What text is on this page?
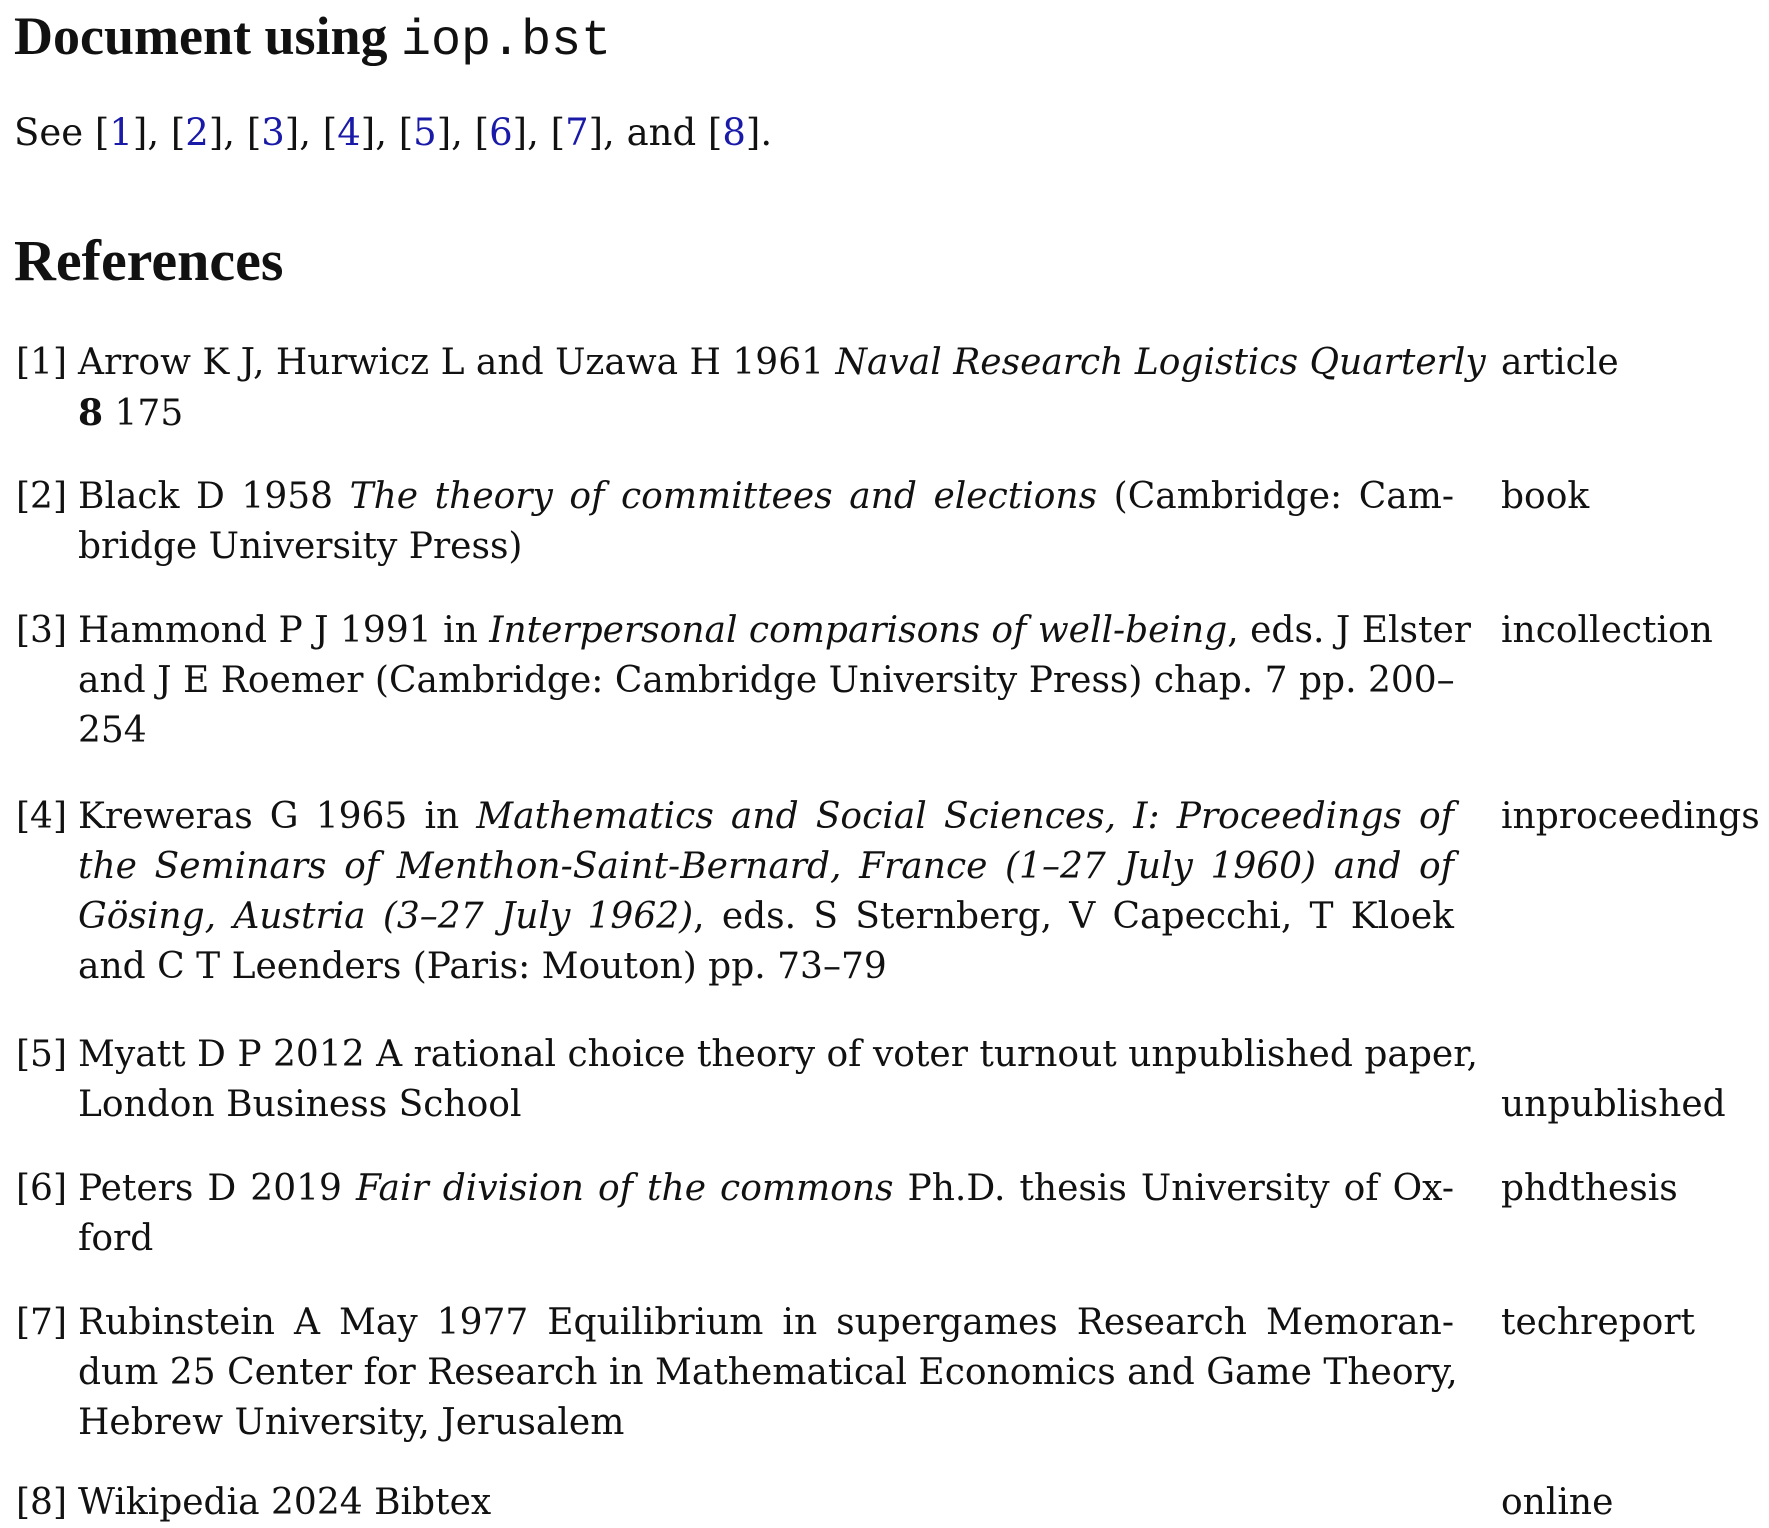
Document using iop.bst

See [1], [2], [3], [4], [5], [6], [7], and [8].

References
[1] Arrow K J, Hurwicz L and Uzawa H 1961 Naval Research Logistics Quarterly
8 175
article
[2] Black D 1958 The theory of committees and elections (Cambridge: Cam-
bridge University Press)
book
[3] Hammond P J 1991 in Interpersonal comparisons of well-being, eds. J Elster
and J E Roemer (Cambridge: Cambridge University Press) chap. 7 pp. 200–
254
incollection
[4] Kreweras G 1965 in Mathematics and Social Sciences, I: Proceedings of
the Seminars of Menthon-Saint-Bernard, France (1–27 July 1960) and of
Gösing, Austria (3–27 July 1962), eds. S Sternberg, V Capecchi, T Kloek
and C T Leenders (Paris: Mouton) pp. 73–79
inproceedings
[5] Myatt D P 2012 A rational choice theory of voter turnout unpublished paper,
London Business School	unpublished
[6] Peters D 2019 Fair division of the commons Ph.D. thesis University of Ox-
ford
phdthesis
[7] Rubinstein A May 1977 Equilibrium in supergames Research Memoran-
dum 25 Center for Research in Mathematical Economics and Game Theory,
Hebrew University, Jerusalem
techreport
[8] Wikipedia 2024 Bibtex	online
